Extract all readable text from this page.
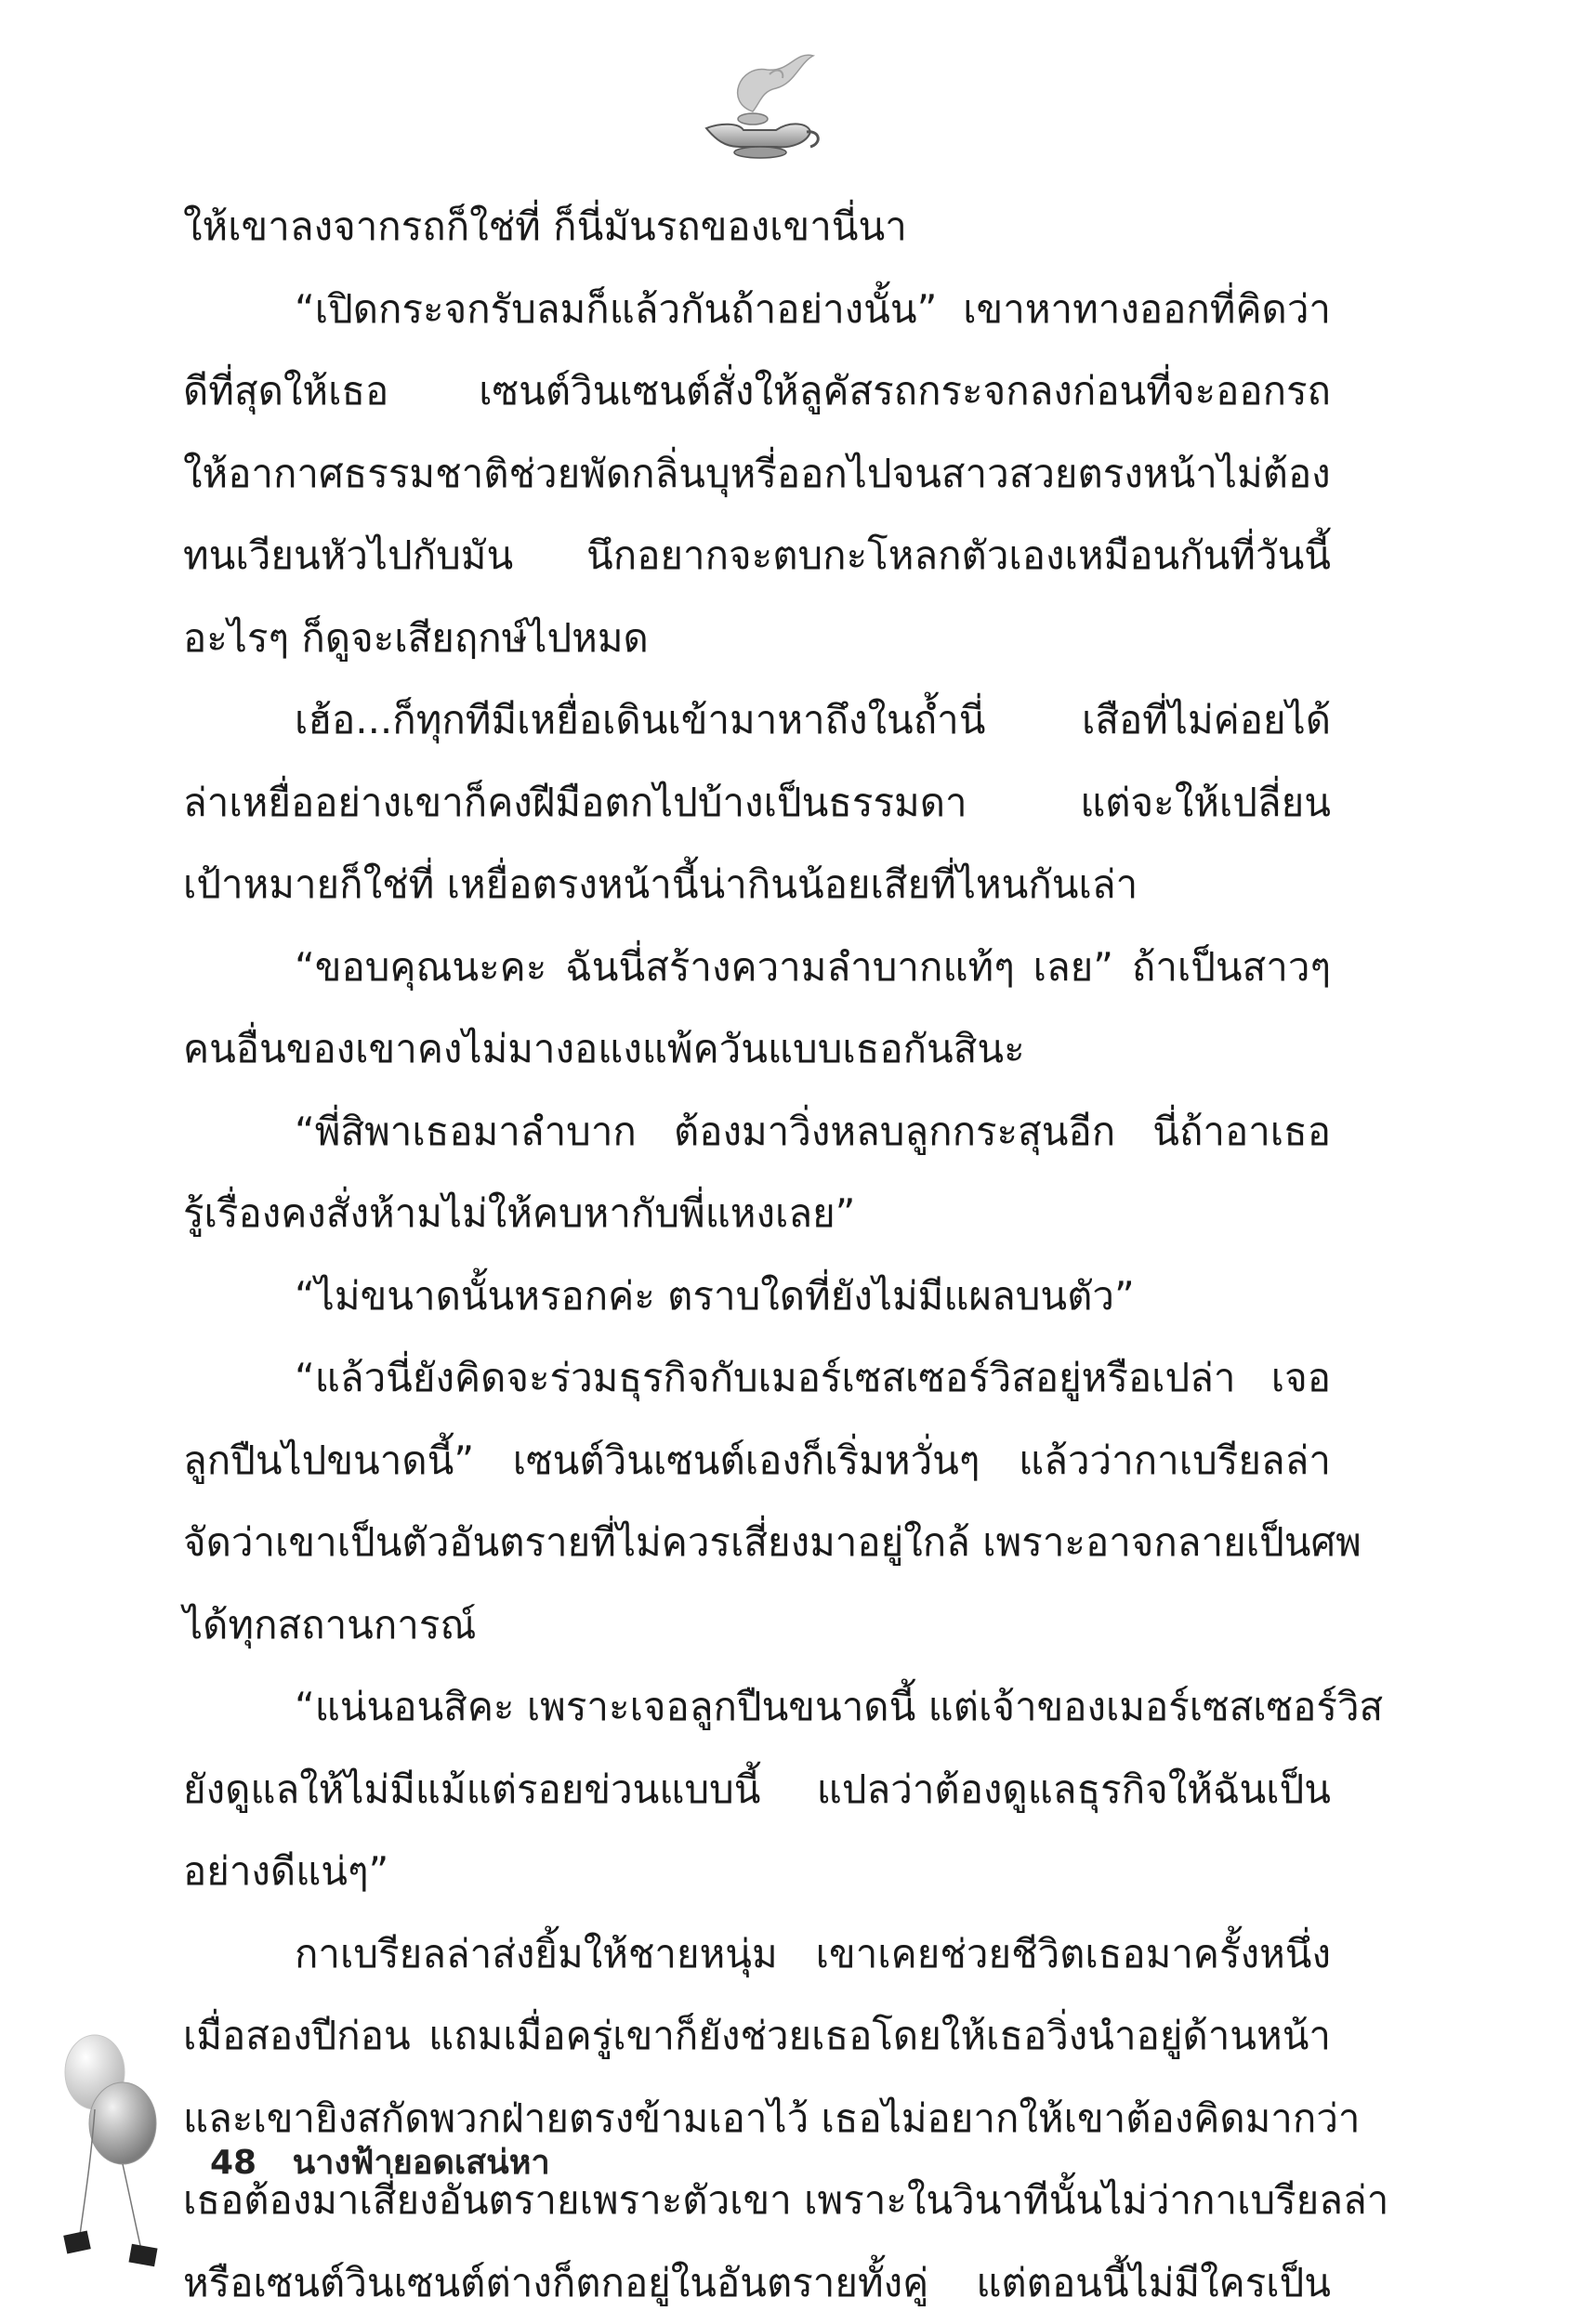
ให้เขาลงจากรถก็ใช่ที่ ก็นี่มันรถของเขานี่นา
“เปิดกระจกรับลมก็แล้วกันถ้าอย่างนั้น” เขาหาทางออกที่คิดว่า
ดีที่สุดให้เธอ เซนต์วินเซนต์สั่งให้ลูคัสรถกระจกลงก่อนที่จะออกรถ
ให้อากาศธรรมชาติช่วยพัดกลิ่นบุหรี่ออกไปจนสาวสวยตรงหน้าไม่ต้อง
ทนเวียนหัวไปกับมัน นึกอยากจะตบกะโหลกตัวเองเหมือนกันที่วันนี้
อะไรๆ ก็ดูจะเสียฤกษ์ไปหมด
เฮ้อ...ก็ทุกทีมีเหยื่อเดินเข้ามาหาถึงในถ้ำนี่ เสือที่ไม่ค่อยได้
ล่าเหยื่ออย่างเขาก็คงฝีมือตกไปบ้างเป็นธรรมดา แต่จะให้เปลี่ยน
เป้าหมายก็ใช่ที่ เหยื่อตรงหน้านี้น่ากินน้อยเสียที่ไหนกันเล่า
“ขอบคุณนะคะ ฉันนี่สร้างความลำบากแท้ๆ เลย” ถ้าเป็นสาวๆ
คนอื่นของเขาคงไม่มางอแงแพ้ควันแบบเธอกันสินะ
“พี่สิพาเธอมาลำบาก ต้องมาวิ่งหลบลูกกระสุนอีก นี่ถ้าอาเธอ
รู้เรื่องคงสั่งห้ามไม่ให้คบหากับพี่แหงเลย”
“ไม่ขนาดนั้นหรอกค่ะ ตราบใดที่ยังไม่มีแผลบนตัว”
“แล้วนี่ยังคิดจะร่วมธุรกิจกับเมอร์เซสเซอร์วิสอยู่หรือเปล่า เจอ
ลูกปืนไปขนาดนี้” เซนต์วินเซนต์เองก็เริ่มหวั่นๆ แล้วว่ากาเบรียลล่า
จัดว่าเขาเป็นตัวอันตรายที่ไม่ควรเสี่ยงมาอยู่ใกล้ เพราะอาจกลายเป็นศพ
ได้ทุกสถานการณ์
“แน่นอนสิคะ เพราะเจอลูกปืนขนาดนี้ แต่เจ้าของเมอร์เซสเซอร์วิส
ยังดูแลให้ไม่มีแม้แต่รอยข่วนแบบนี้ แปลว่าต้องดูแลธุรกิจให้ฉันเป็น
อย่างดีแน่ๆ”
กาเบรียลล่าส่งยิ้มให้ชายหนุ่ม เขาเคยช่วยชีวิตเธอมาครั้งหนึ่ง
เมื่อสองปีก่อน แถมเมื่อครู่เขาก็ยังช่วยเธอโดยให้เธอวิ่งนำอยู่ด้านหน้า
และเขายิงสกัดพวกฝ่ายตรงข้ามเอาไว้ เธอไม่อยากให้เขาต้องคิดมากว่า
เธอต้องมาเสี่ยงอันตรายเพราะตัวเขา เพราะในวินาทีนั้นไม่ว่ากาเบรียลล่า
หรือเซนต์วินเซนต์ต่างก็ตกอยู่ในอันตรายทั้งคู่ แต่ตอนนี้ไม่มีใครเป็น
48 นางฟ้ายอดเสน่หา
